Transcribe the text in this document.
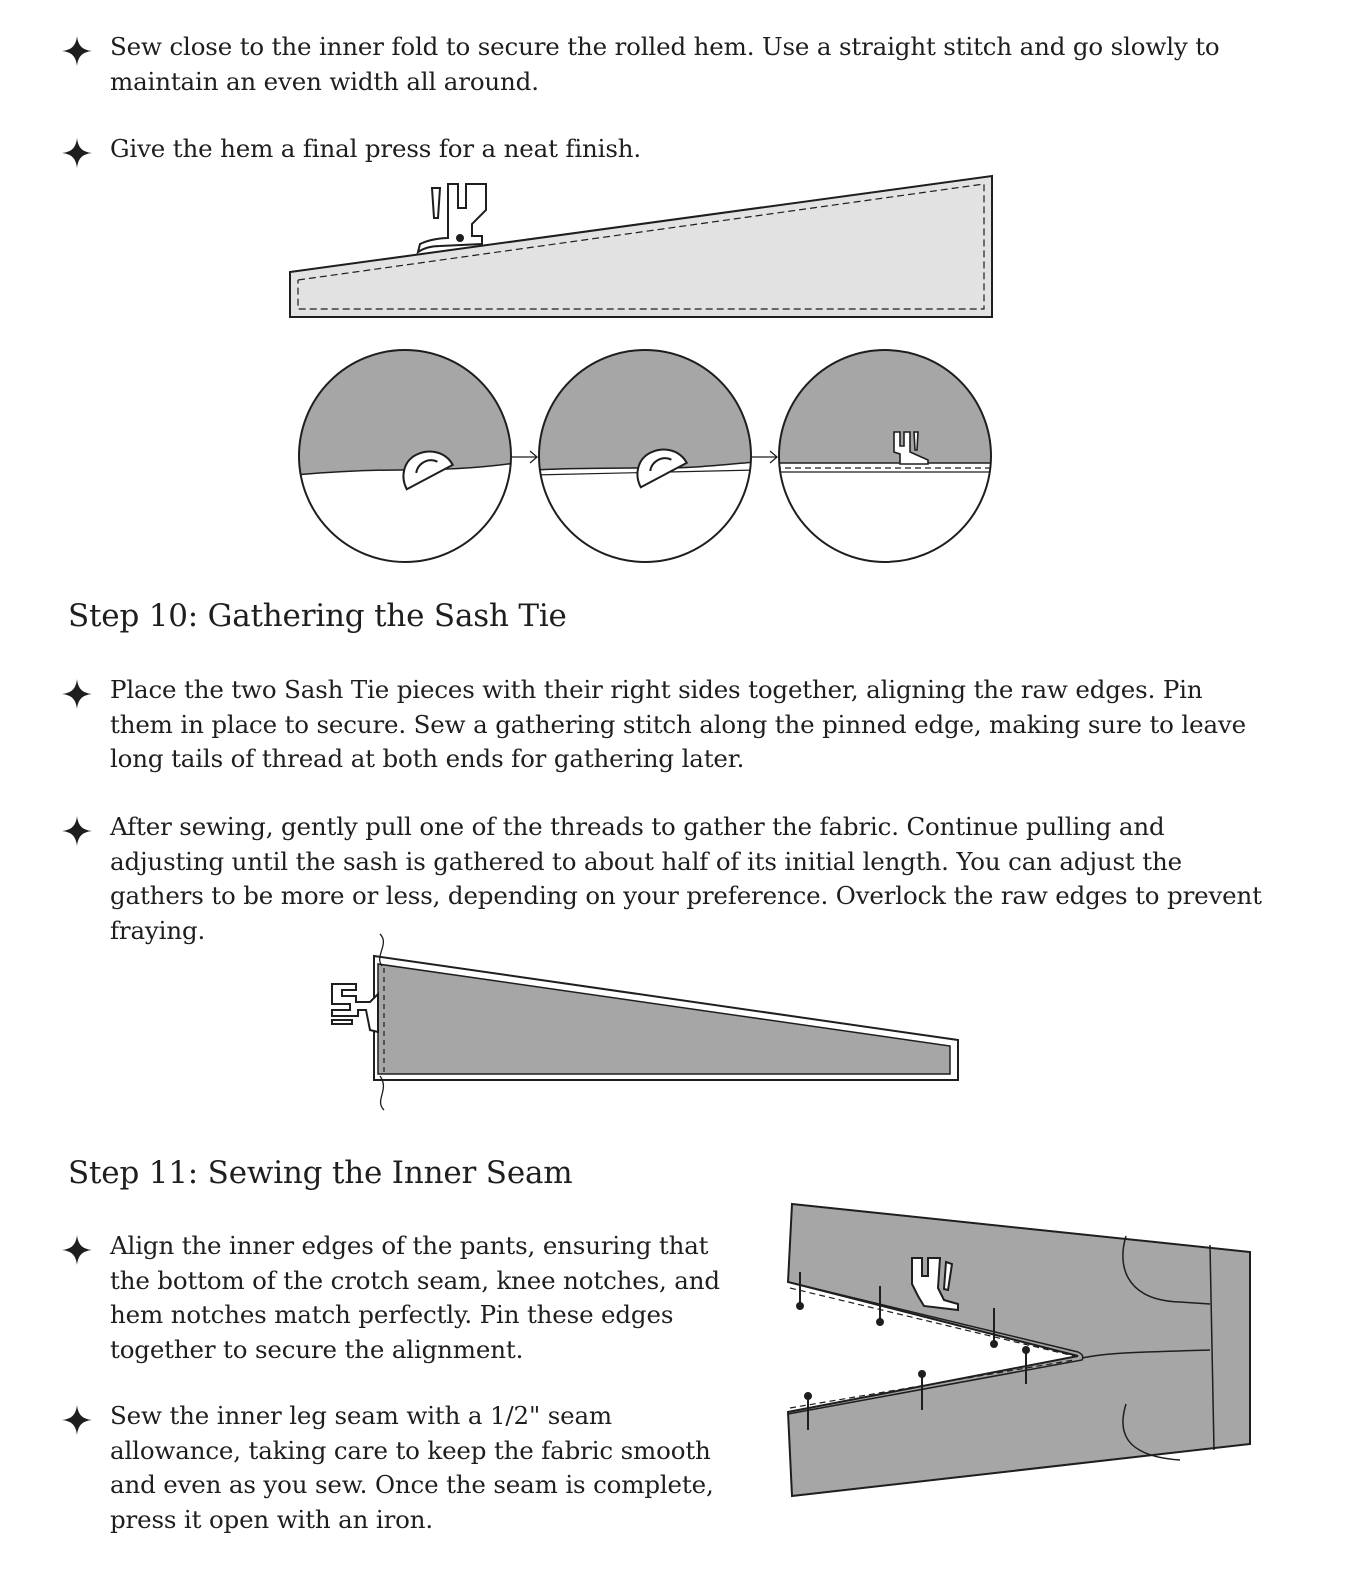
Sew close to the inner fold to secure the rolled hem. Use a straight stitch and go slowly to maintain an even width all around.
Give the hem a final press for a neat finish.
Step 10: Gathering the Sash Tie
Place the two Sash Tie pieces with their right sides together, aligning the raw edges. Pin them in place to secure. Sew a gathering stitch along the pinned edge, making sure to leave long tails of thread at both ends for gathering later.
After sewing, gently pull one of the threads to gather the fabric. Continue pulling and adjusting until the sash is gathered to about half of its initial length. You can adjust the gathers to be more or less, depending on your preference. Overlock the raw edges to prevent fraying.
Step 11: Sewing the Inner Seam
Align the inner edges of the pants, ensuring that the bottom of the crotch seam, knee notches, and hem notches match perfectly. Pin these edges together to secure the alignment.
Sew the inner leg seam with a 1/2" seam allowance, taking care to keep the fabric smooth and even as you sew. Once the seam is complete, press it open with an iron.
